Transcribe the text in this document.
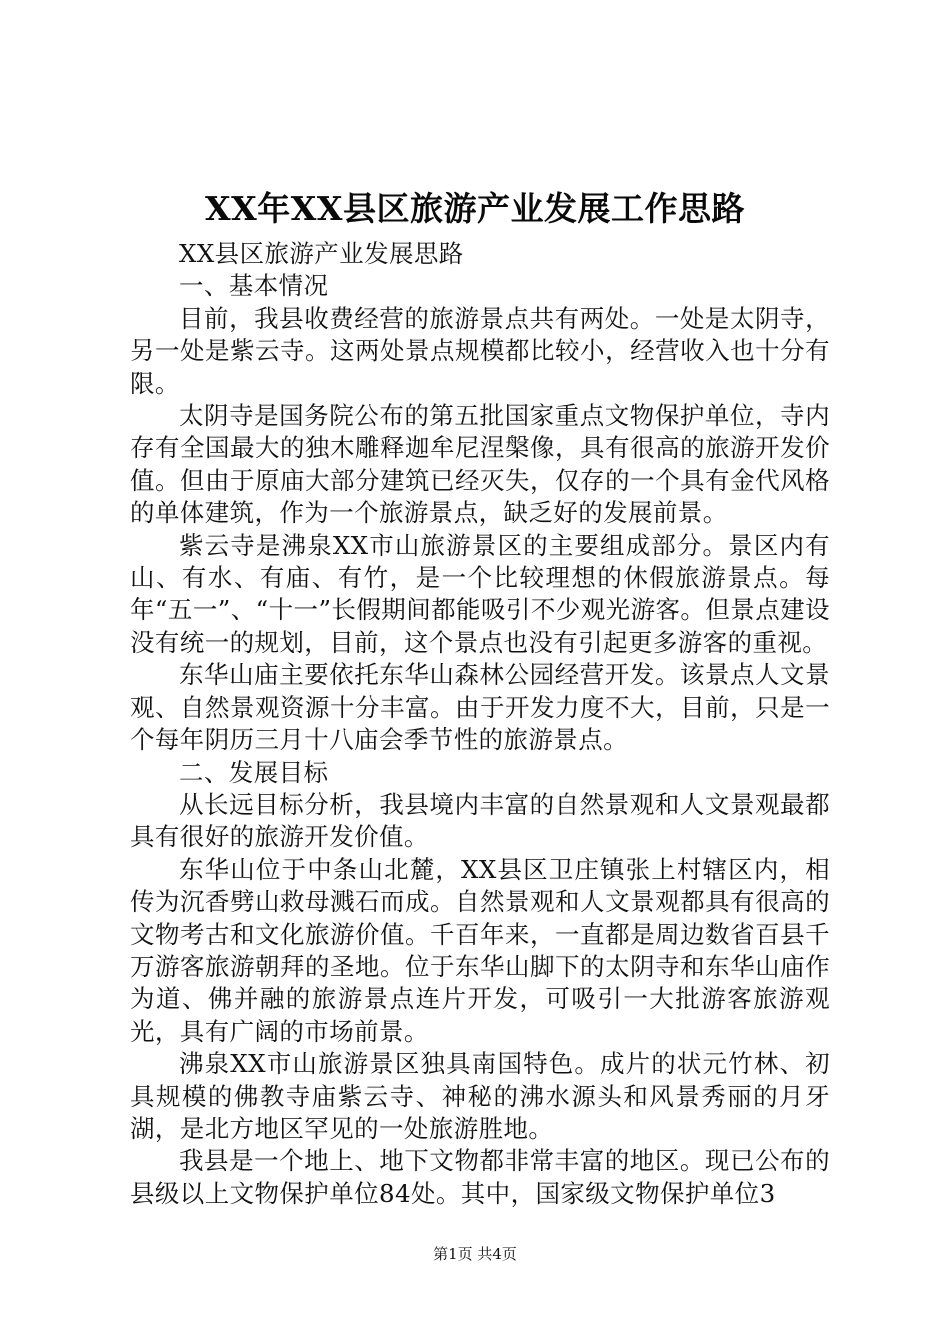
XX年XX县区旅游产业发展工作思路

XX县区旅游产业发展思路

一、基本情况

目前，我县收费经营的旅游景点共有两处。一处是太阴寺，另一处是紫云寺。这两处景点规模都比较小，经营收入也十分有限。

太阴寺是国务院公布的第五批国家重点文物保护单位，寺内存有全国最大的独木雕释迦牟尼涅槃像，具有很高的旅游开发价值。但由于原庙大部分建筑已经灭失，仅存的一个具有金代风格的单体建筑，作为一个旅游景点，缺乏好的发展前景。

紫云寺是沸泉XX市山旅游景区的主要组成部分。景区内有山、有水、有庙、有竹，是一个比较理想的休假旅游景点。每年“五一”、“十一”长假期间都能吸引不少观光游客。但景点建设没有统一的规划，目前，这个景点也没有引起更多游客的重视。

东华山庙主要依托东华山森林公园经营开发。该景点人文景观、自然景观资源十分丰富。由于开发力度不大，目前，只是一个每年阴历三月十八庙会季节性的旅游景点。

二、发展目标

从长远目标分析，我县境内丰富的自然景观和人文景观最都具有很好的旅游开发价值。

东华山位于中条山北麓，XX县区卫庄镇张上村辖区内，相传为沉香劈山救母溅石而成。自然景观和人文景观都具有很高的文物考古和文化旅游价值。千百年来，一直都是周边数省百县千万游客旅游朝拜的圣地。位于东华山脚下的太阴寺和东华山庙作为道、佛并融的旅游景点连片开发，可吸引一大批游客旅游观光，具有广阔的市场前景。

沸泉XX市山旅游景区独具南国特色。成片的状元竹林、初具规模的佛教寺庙紫云寺、神秘的沸水源头和风景秀丽的月牙湖，是北方地区罕见的一处旅游胜地。

我县是一个地上、地下文物都非常丰富的地区。现已公布的县级以上文物保护单位84处。其中，国家级文物保护单位3

第1页 共4页
